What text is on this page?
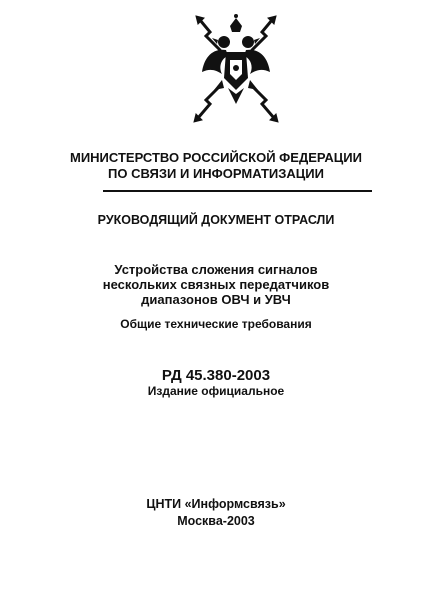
МИНИСТЕРСТВО РОССИЙСКОЙ ФЕДЕРАЦИИ
ПО СВЯЗИ И ИНФОРМАТИЗАЦИИ
РУКОВОДЯЩИЙ ДОКУМЕНТ ОТРАСЛИ
Устройства сложения сигналов
нескольких связных передатчиков
диапазонов ОВЧ и УВЧ
Общие технические требования
РД 45.380-2003
Издание официальное
ЦНТИ «Информсвязь»
Москва-2003
